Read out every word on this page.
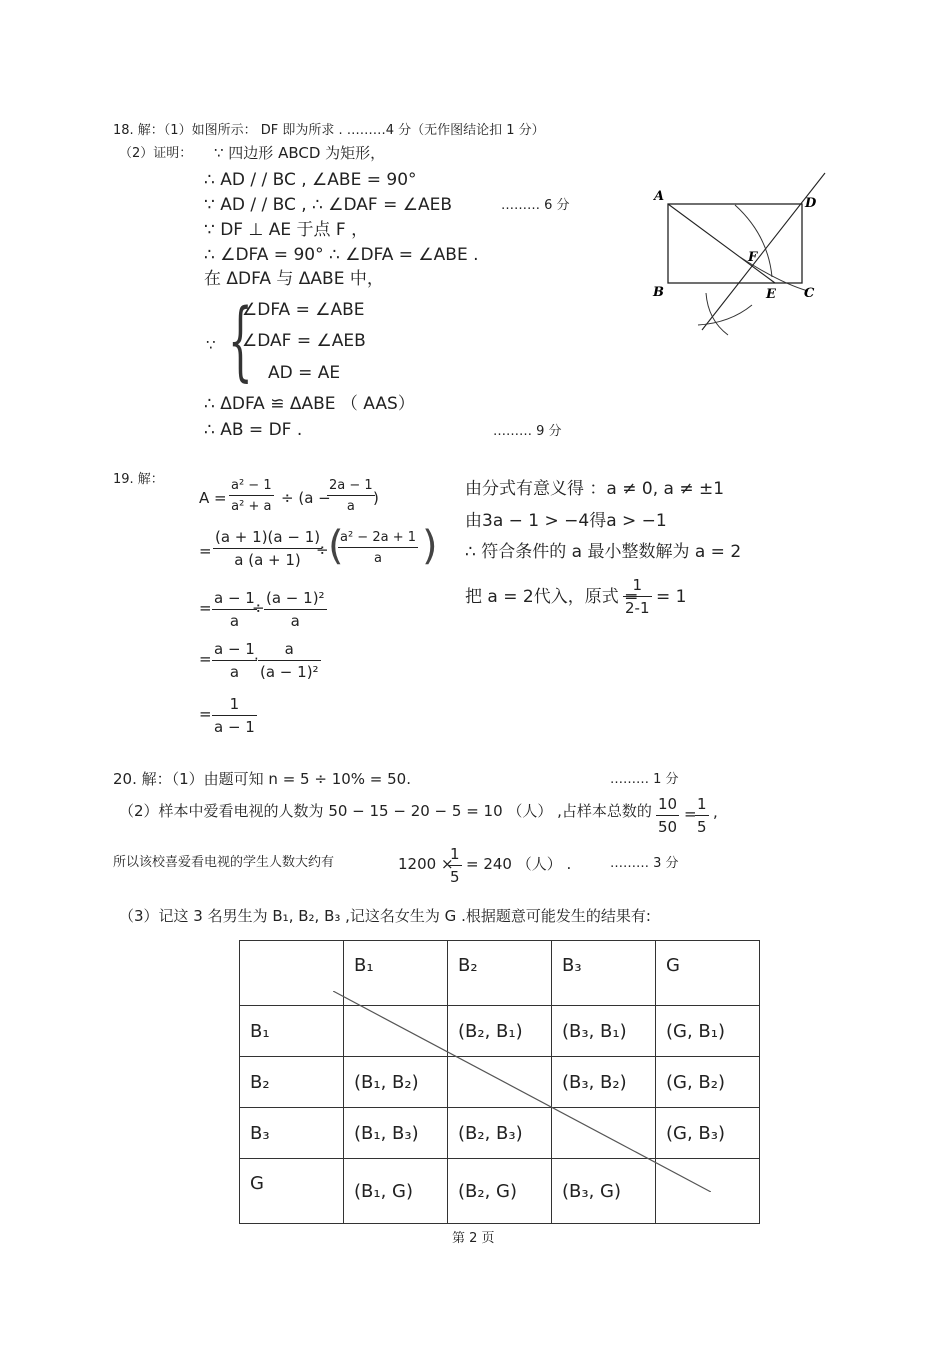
18. 解：（1）如图所示： DF 即为所求 . ………4 分（无作图结论扣 1 分）
（2）证明： ∵ 四边形 ABCD 为矩形，
∴ AD / / BC , ∠ABE = 90°
∵ AD / / BC , ∴ ∠DAF = ∠AEB	……… 6 分
∵ DF ⊥ AE 于点 F ，
∴ ∠DFA = 90° ∴ ∠DFA = ∠ABE .
在 ΔDFA 与 ΔABE 中，
∵ {
∠DFA = ∠ABE
∠DAF = ∠AEB
AD = AE
∴ ΔDFA ≌ ΔABE （ AAS）
∴ AB = DF .	……… 9 分
A	D
B	C
E
F
19. 解：
$A = \frac{\text{a² − 1}}{\text{a² + a}} \div (a$ −
$\frac{2a - 1}{a}$
)
= $\frac{(a + 1)(a - 1)}{a (a + 1)}$
÷ (
$\frac{\text{a² − 2a + 1}}{a}$ )
= $\frac{a - 1}{a}$
÷ $\frac{\text{(a − 1)²}}{a}$
= $\frac{a - 1}{a}$
· $\frac{a}{\text{(a − 1)²}}$
= $\frac{1}{a - 1}$
由分式有意义得 ：a ≠ 0, a ≠ ±1
由3a − 1 > −4得a > −1
∴ 符合条件的 a 最小整数解为 a = 2
把 a = 2代入，原式 =
$\frac{1}{2-1} = 1$
20. 解：（1）由题可知 n = 5 ÷ 10% = 50.	……… 1 分
（2）样本中爱看电视的人数为 50 − 15 − 20 − 5 = 10 （人） ,占样本总数的 $\frac{10}{50}$ =
$\frac{1}{5}$ ,
所以该校喜爱看电视的学生人数大约有	1200 ×
$\frac{1}{5} = 240$ （人） .	……… 3 分
（3）记这 3 名男生为 B₁, B₂, B₃ ,记这名女生为 G .根据题意可能发生的结果有:
	B₁	B₂	B₃	G
B₁		(B₂, B₁)	(B₃, B₁)	(G, B₁)
B₂	(B₁, B₂)		(B₃, B₂)	(G, B₂)
B₃	(B₁, B₃)	(B₂, B₃)		(G, B₃)
G	(B₁, G)	(B₂, G)	(B₃, G)	
第 2 页
